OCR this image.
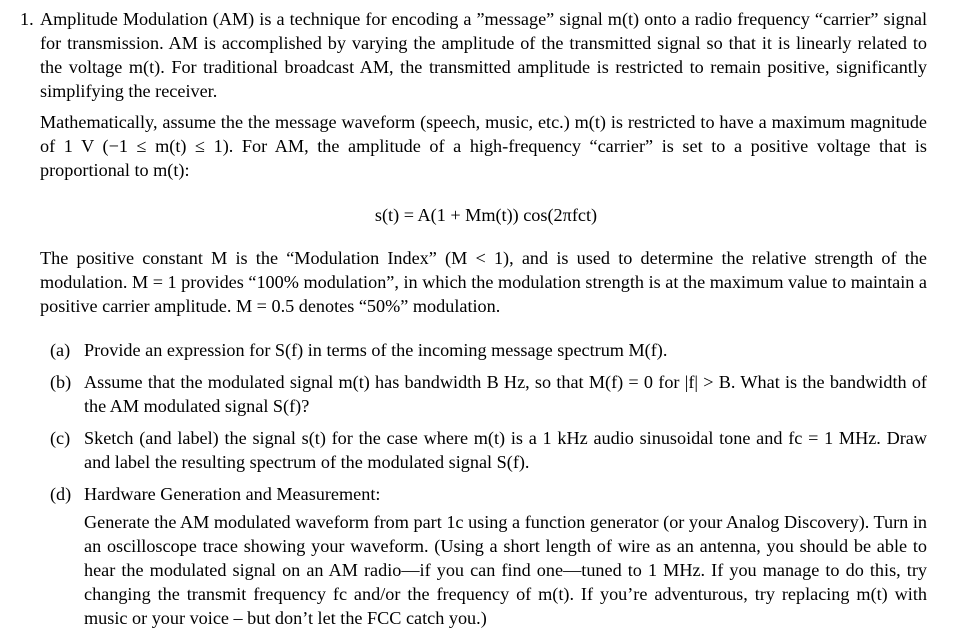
1. Amplitude Modulation (AM) is a technique for encoding a ”message” signal m(t) onto a radio frequency “carrier” signal for transmission. AM is accomplished by varying the amplitude of the transmitted signal so that it is linearly related to the voltage m(t). For traditional broadcast AM, the transmitted amplitude is restricted to remain positive, significantly simplifying the receiver.
Mathematically, assume the the message waveform (speech, music, etc.) m(t) is restricted to have a maximum magnitude of 1 V (−1 ≤ m(t) ≤ 1). For AM, the amplitude of a high-frequency “carrier” is set to a positive voltage that is proportional to m(t):
s(t) = A(1 + Mm(t)) cos(2πfct)
The positive constant M is the “Modulation Index” (M < 1), and is used to determine the relative strength of the modulation. M = 1 provides “100% modulation”, in which the modulation strength is at the maximum value to maintain a positive carrier amplitude. M = 0.5 denotes “50%” modulation.
(a) Provide an expression for S(f) in terms of the incoming message spectrum M(f).
(b) Assume that the modulated signal m(t) has bandwidth B Hz, so that M(f) = 0 for |f| > B. What is the bandwidth of the AM modulated signal S(f)?
(c) Sketch (and label) the signal s(t) for the case where m(t) is a 1 kHz audio sinusoidal tone and fc = 1 MHz. Draw and label the resulting spectrum of the modulated signal S(f).
(d) Hardware Generation and Measurement:
Generate the AM modulated waveform from part 1c using a function generator (or your Analog Discovery). Turn in an oscilloscope trace showing your waveform. (Using a short length of wire as an antenna, you should be able to hear the modulated signal on an AM radio—if you can find one—tuned to 1 MHz. If you manage to do this, try changing the transmit frequency fc and/or the frequency of m(t). If you’re adventurous, try replacing m(t) with music or your voice – but don’t let the FCC catch you.)
